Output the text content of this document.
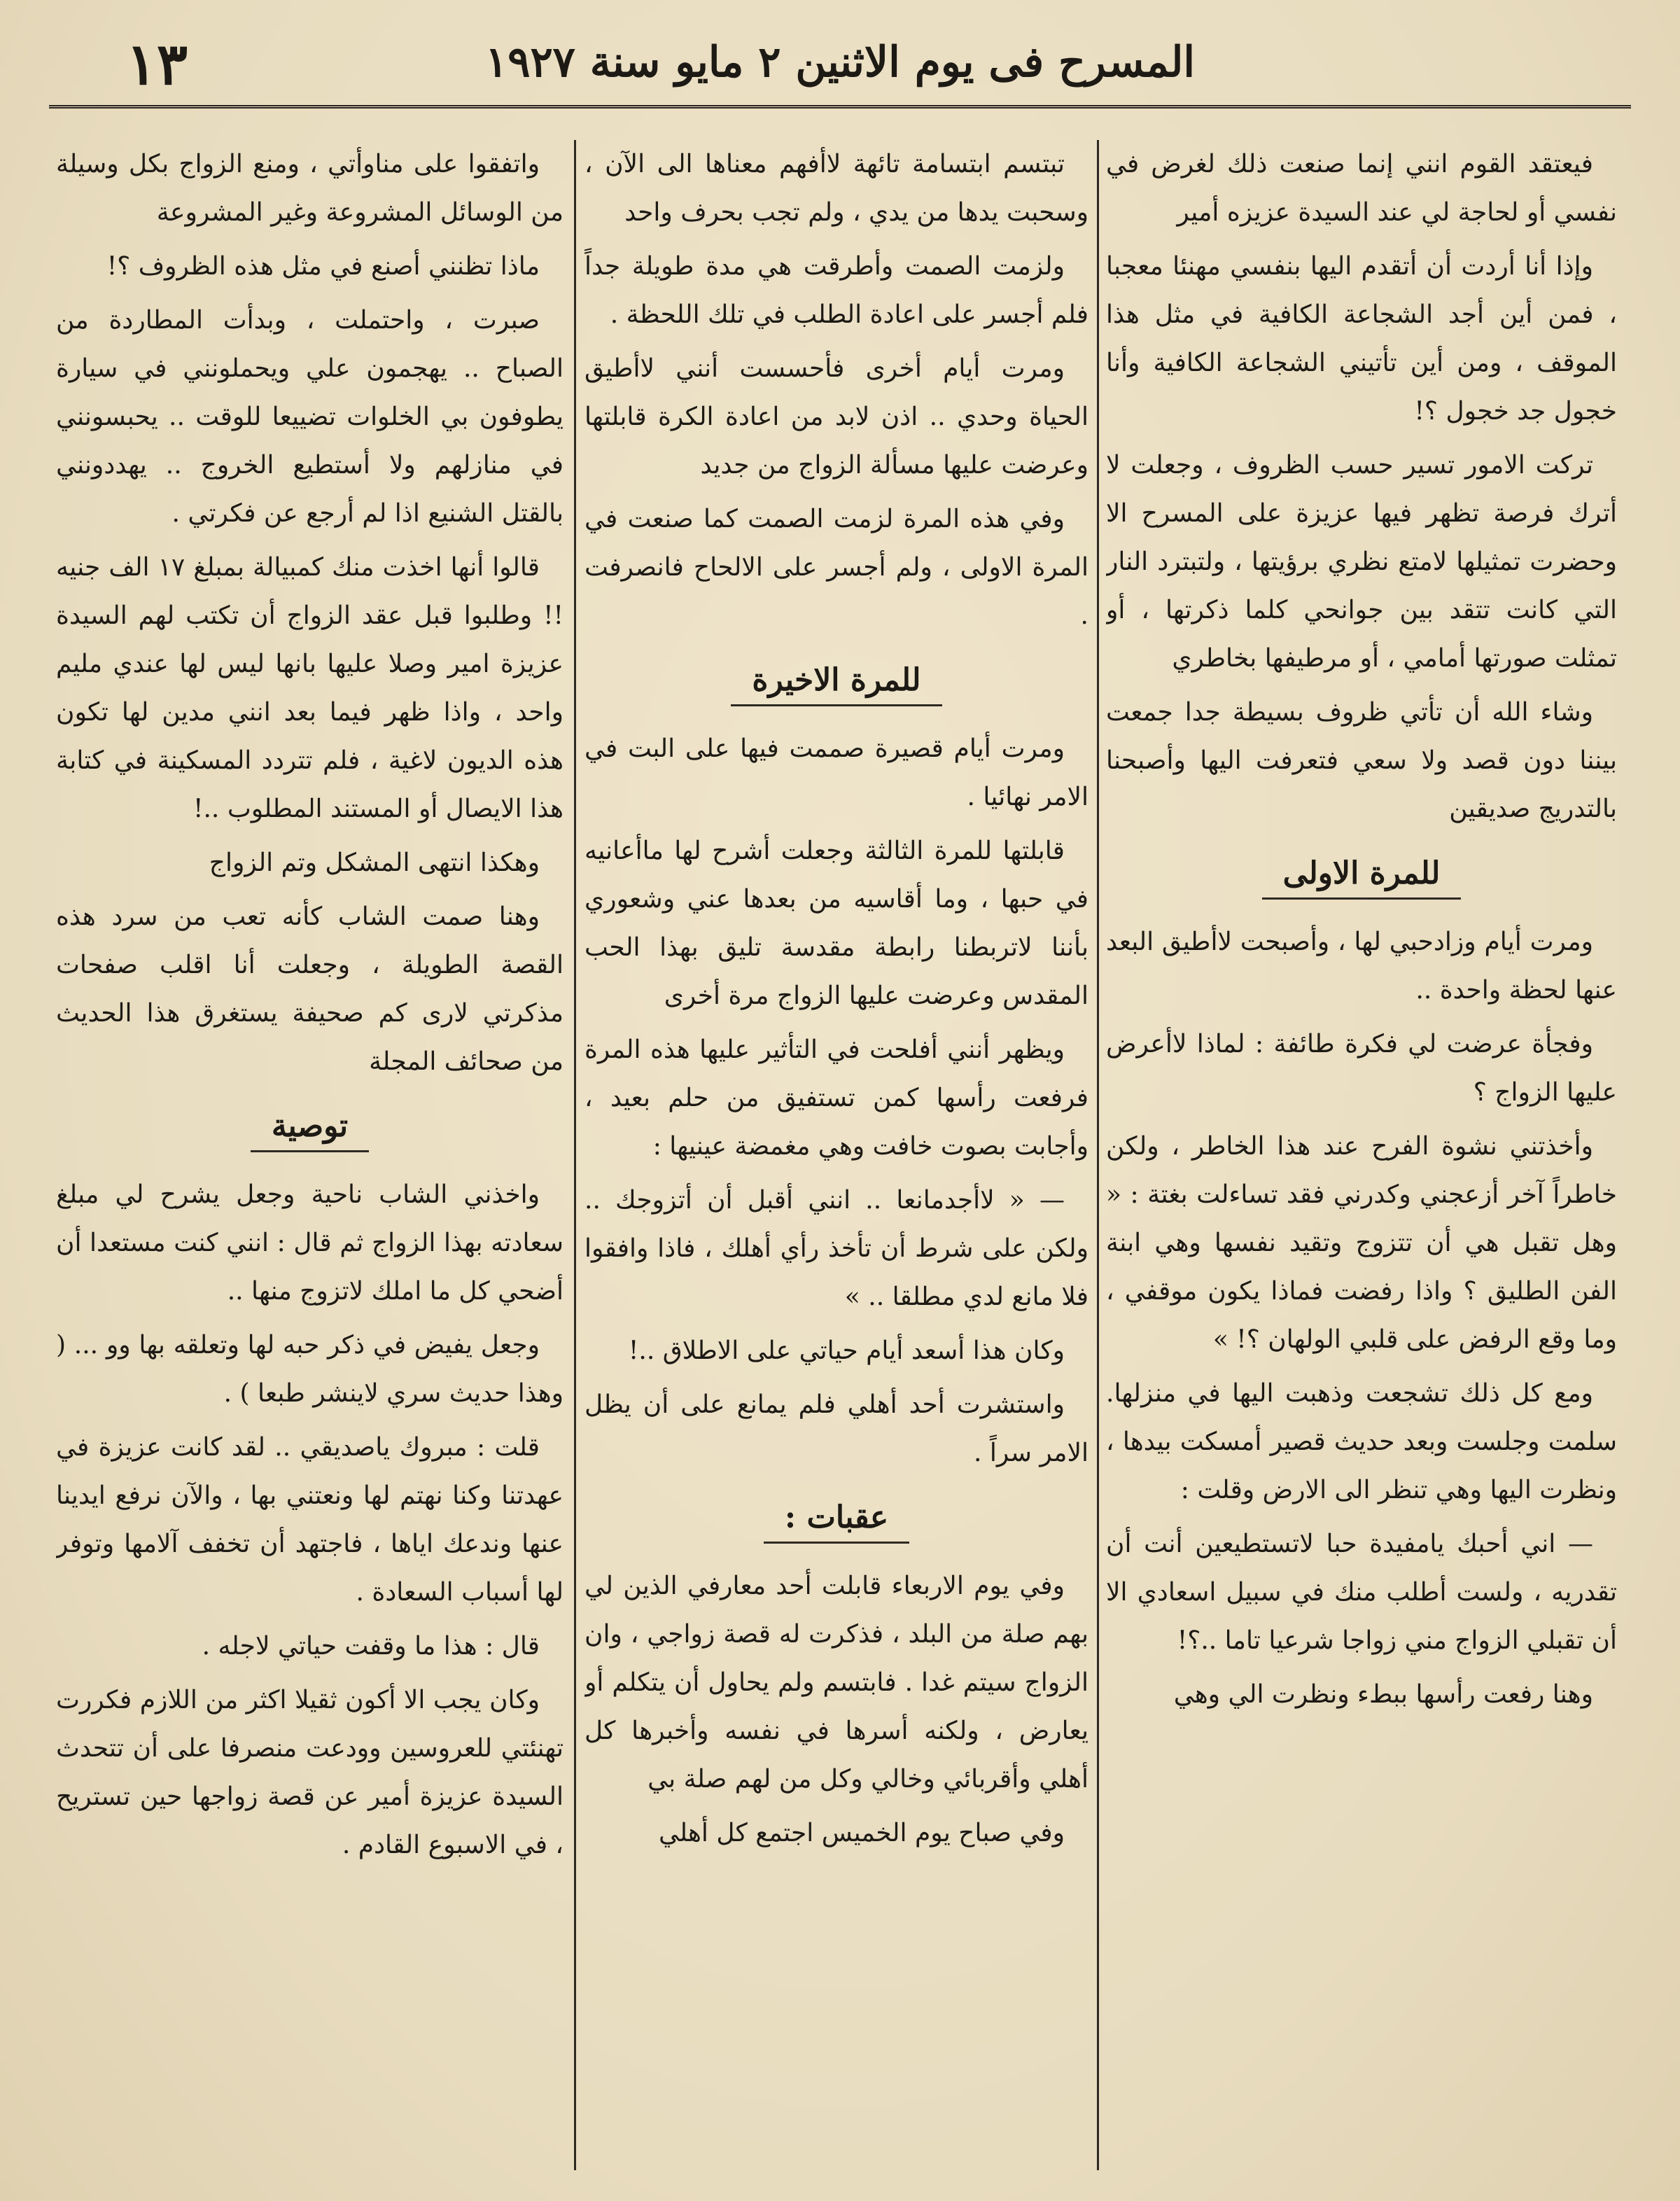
المسرح فی یوم الاثنین ۲ مایو سنة ۱۹۲۷
۱۳

فيعتقد القوم انني إنما صنعت ذلك لغرض في نفسي أو لحاجة لي عند السيدة عزيزه أمير

وإذا أنا أردت أن أتقدم اليها بنفسي مهنئا معجبا ، فمن أين أجد الشجاعة الكافية في مثل هذا الموقف ، ومن أين تأتيني الشجاعة الكافية وأنا خجول جد خجول ؟!

تركت الامور تسير حسب الظروف ، وجعلت لا أترك فرصة تظهر فيها عزيزة على المسرح الا وحضرت تمثيلها لامتع نظري برؤيتها ، ولتبترد النار التي كانت تتقد بين جوانحي كلما ذكرتها ، أو تمثلت صورتها أمامي ، أو مرطيفها بخاطري

وشاء الله أن تأتي ظروف بسيطة جدا جمعت بيننا دون قصد ولا سعي فتعرفت اليها وأصبحنا بالتدريج صديقين

للمرة الاولى

ومرت أيام وزادحبي لها ، وأصبحت لاأطيق البعد عنها لحظة واحدة ..

وفجأة عرضت لي فكرة طائفة : لماذا لاأعرض عليها الزواج ؟

وأخذتني نشوة الفرح عند هذا الخاطر ، ولكن خاطراً آخر أزعجني وكدرني فقد تساءلت بغتة : « وهل تقبل هي أن تتزوج وتقيد نفسها وهي ابنة الفن الطليق ؟ واذا رفضت فماذا يكون موقفي ، وما وقع الرفض على قلبي الولهان ؟! »

ومع كل ذلك تشجعت وذهبت اليها في منزلها. سلمت وجلست وبعد حديث قصير أمسكت بيدها ، ونظرت اليها وهي تنظر الى الارض وقلت :

— اني أحبك يامفيدة حبا لاتستطيعين أنت أن تقدريه ، ولست أطلب منك في سبيل اسعادي الا أن تقبلي الزواج مني زواجا شرعيا تاما ..؟!

وهنا رفعت رأسها ببطء ونظرت الي وهي

تبتسم ابتسامة تائهة لاأفهم معناها الى الآن ، وسحبت يدها من يدي ، ولم تجب بحرف واحد

ولزمت الصمت وأطرقت هي مدة طويلة جداً فلم أجسر على اعادة الطلب في تلك اللحظة .

ومرت أيام أخرى فأحسست أنني لاأطيق الحياة وحدي .. اذن لابد من اعادة الكرة قابلتها وعرضت عليها مسألة الزواج من جديد

وفي هذه المرة لزمت الصمت كما صنعت في المرة الاولى ، ولم أجسر على الالحاح فانصرفت .

للمرة الاخيرة

ومرت أيام قصيرة صممت فيها على البت في الامر نهائيا .

قابلتها للمرة الثالثة وجعلت أشرح لها ماأعانيه في حبها ، وما أقاسيه من بعدها عني وشعوري بأننا لاتربطنا رابطة مقدسة تليق بهذا الحب المقدس وعرضت عليها الزواج مرة أخرى

ويظهر أنني أفلحت في التأثير عليها هذه المرة فرفعت رأسها كمن تستفيق من حلم بعيد ، وأجابت بصوت خافت وهي مغمضة عينيها :

— « لاأجدمانعا .. انني أقبل أن أتزوجك .. ولكن على شرط أن تأخذ رأي أهلك ، فاذا وافقوا فلا مانع لدي مطلقا .. »

وكان هذا أسعد أيام حياتي على الاطلاق ..!

واستشرت أحد أهلي فلم يمانع على أن يظل الامر سراً .

عقبات :

وفي يوم الاربعاء قابلت أحد معارفي الذين لي بهم صلة من البلد ، فذكرت له قصة زواجي ، وان الزواج سيتم غدا . فابتسم ولم يحاول أن يتكلم أو يعارض ، ولكنه أسرها في نفسه وأخبرها كل أهلي وأقربائي وخالي وكل من لهم صلة بي

وفي صباح يوم الخميس اجتمع كل أهلي

واتفقوا على مناوأتي ، ومنع الزواج بكل وسيلة من الوسائل المشروعة وغير المشروعة

ماذا تظنني أصنع في مثل هذه الظروف ؟!

صبرت ، واحتملت ، وبدأت المطاردة من الصباح .. يهجمون علي ويحملونني في سيارة يطوفون بي الخلوات تضييعا للوقت .. يحبسونني في منازلهم ولا أستطيع الخروج .. يهددونني بالقتل الشنيع اذا لم أرجع عن فكرتي .

قالوا أنها اخذت منك كمبيالة بمبلغ ١٧ الف جنيه !! وطلبوا قبل عقد الزواج أن تكتب لهم السيدة عزيزة امير وصلا عليها بانها ليس لها عندي مليم واحد ، واذا ظهر فيما بعد انني مدين لها تكون هذه الديون لاغية ، فلم تتردد المسكينة في كتابة هذا الايصال أو المستند المطلوب ..!

وهكذا انتهى المشكل وتم الزواج

وهنا صمت الشاب كأنه تعب من سرد هذه القصة الطويلة ، وجعلت أنا اقلب صفحات مذكرتي لارى كم صحيفة يستغرق هذا الحديث من صحائف المجلة

توصية

واخذني الشاب ناحية وجعل يشرح لي مبلغ سعادته بهذا الزواج ثم قال : انني كنت مستعدا أن أضحي كل ما املك لاتزوج منها ..

وجعل يفيض في ذكر حبه لها وتعلقه بها وو ... ( وهذا حديث سري لاينشر طبعا ) .

قلت : مبروك ياصديقي .. لقد كانت عزيزة في عهدتنا وكنا نهتم لها ونعتني بها ، والآن نرفع ايدينا عنها وندعك اياها ، فاجتهد أن تخفف آلامها وتوفر لها أسباب السعادة .

قال : هذا ما وقفت حياتي لاجله .

وكان يجب الا أكون ثقيلا اكثر من اللازم فكررت تهنئتي للعروسين وودعت منصرفا على أن تتحدث السيدة عزيزة أمير عن قصة زواجها حين تستريح ، في الاسبوع القادم .
